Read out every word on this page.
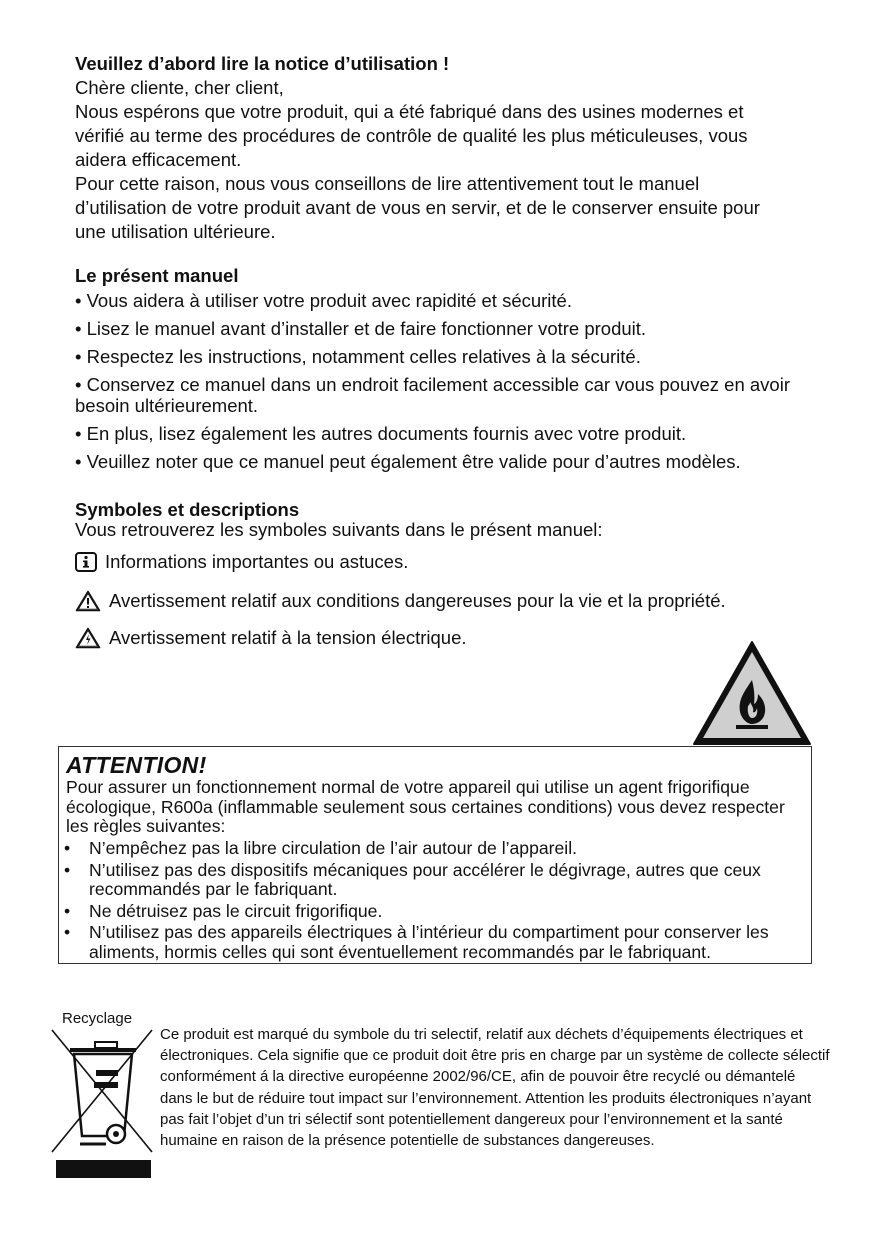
Veuillez d’abord lire la notice d’utilisation !

Chère cliente, cher client,

Nous espérons que votre produit, qui a été fabriqué dans des usines modernes et vérifié au terme des procédures de contrôle de qualité les plus méticuleuses, vous aidera efficacement.

Pour cette raison, nous vous conseillons de lire attentivement tout le manuel d’utilisation de votre produit avant de vous en servir, et de le conserver ensuite pour une utilisation ultérieure.

Le présent manuel
• Vous aidera à utiliser votre produit avec rapidité et sécurité.
• Lisez le manuel avant d’installer et de faire fonctionner votre produit.
• Respectez les instructions, notamment celles relatives à la sécurité.
• Conservez ce manuel dans un endroit facilement accessible car vous pouvez en avoir besoin ultérieurement.
• En plus, lisez également les autres documents fournis avec votre produit.
• Veuillez noter que ce manuel peut également être valide pour d’autres modèles.
Symboles et descriptions
Vous retrouverez les symboles suivants dans le présent manuel:
Informations importantes ou astuces.
Avertissement relatif aux conditions dangereuses pour la vie et la propriété.
Avertissement relatif à la tension électrique.
ATTENTION!
Pour assurer un fonctionnement normal de votre appareil qui utilise un agent frigorifique écologique, R600a (inflammable seulement sous certaines conditions) vous devez respecter les règles suivantes:
• N’empêchez pas la libre circulation de l’air autour de l’appareil.
• N’utilisez pas des dispositifs mécaniques pour accélérer le dégivrage, autres que ceux recommandés par le fabriquant.
• Ne détruisez pas le circuit frigorifique.
• N’utilisez pas des appareils électriques à l’intérieur du compartiment pour conserver les aliments, hormis celles qui sont éventuellement recommandés par le fabriquant.
Recyclage
Ce produit est marqué du symbole du tri selectif, relatif aux déchets d’équipements électriques et électroniques. Cela signifie que ce produit doit être pris en charge par un système de collecte sélectif conformément á la directive européenne 2002/96/CE, afin de pouvoir être recyclé ou démantelé dans le but de réduire tout impact sur l’environnement. Attention les produits électroniques n’ayant pas fait l’objet d’un tri sélectif sont potentiellement dangereux pour l’environnement et la santé humaine en raison de la présence potentielle de substances dangereuses.
